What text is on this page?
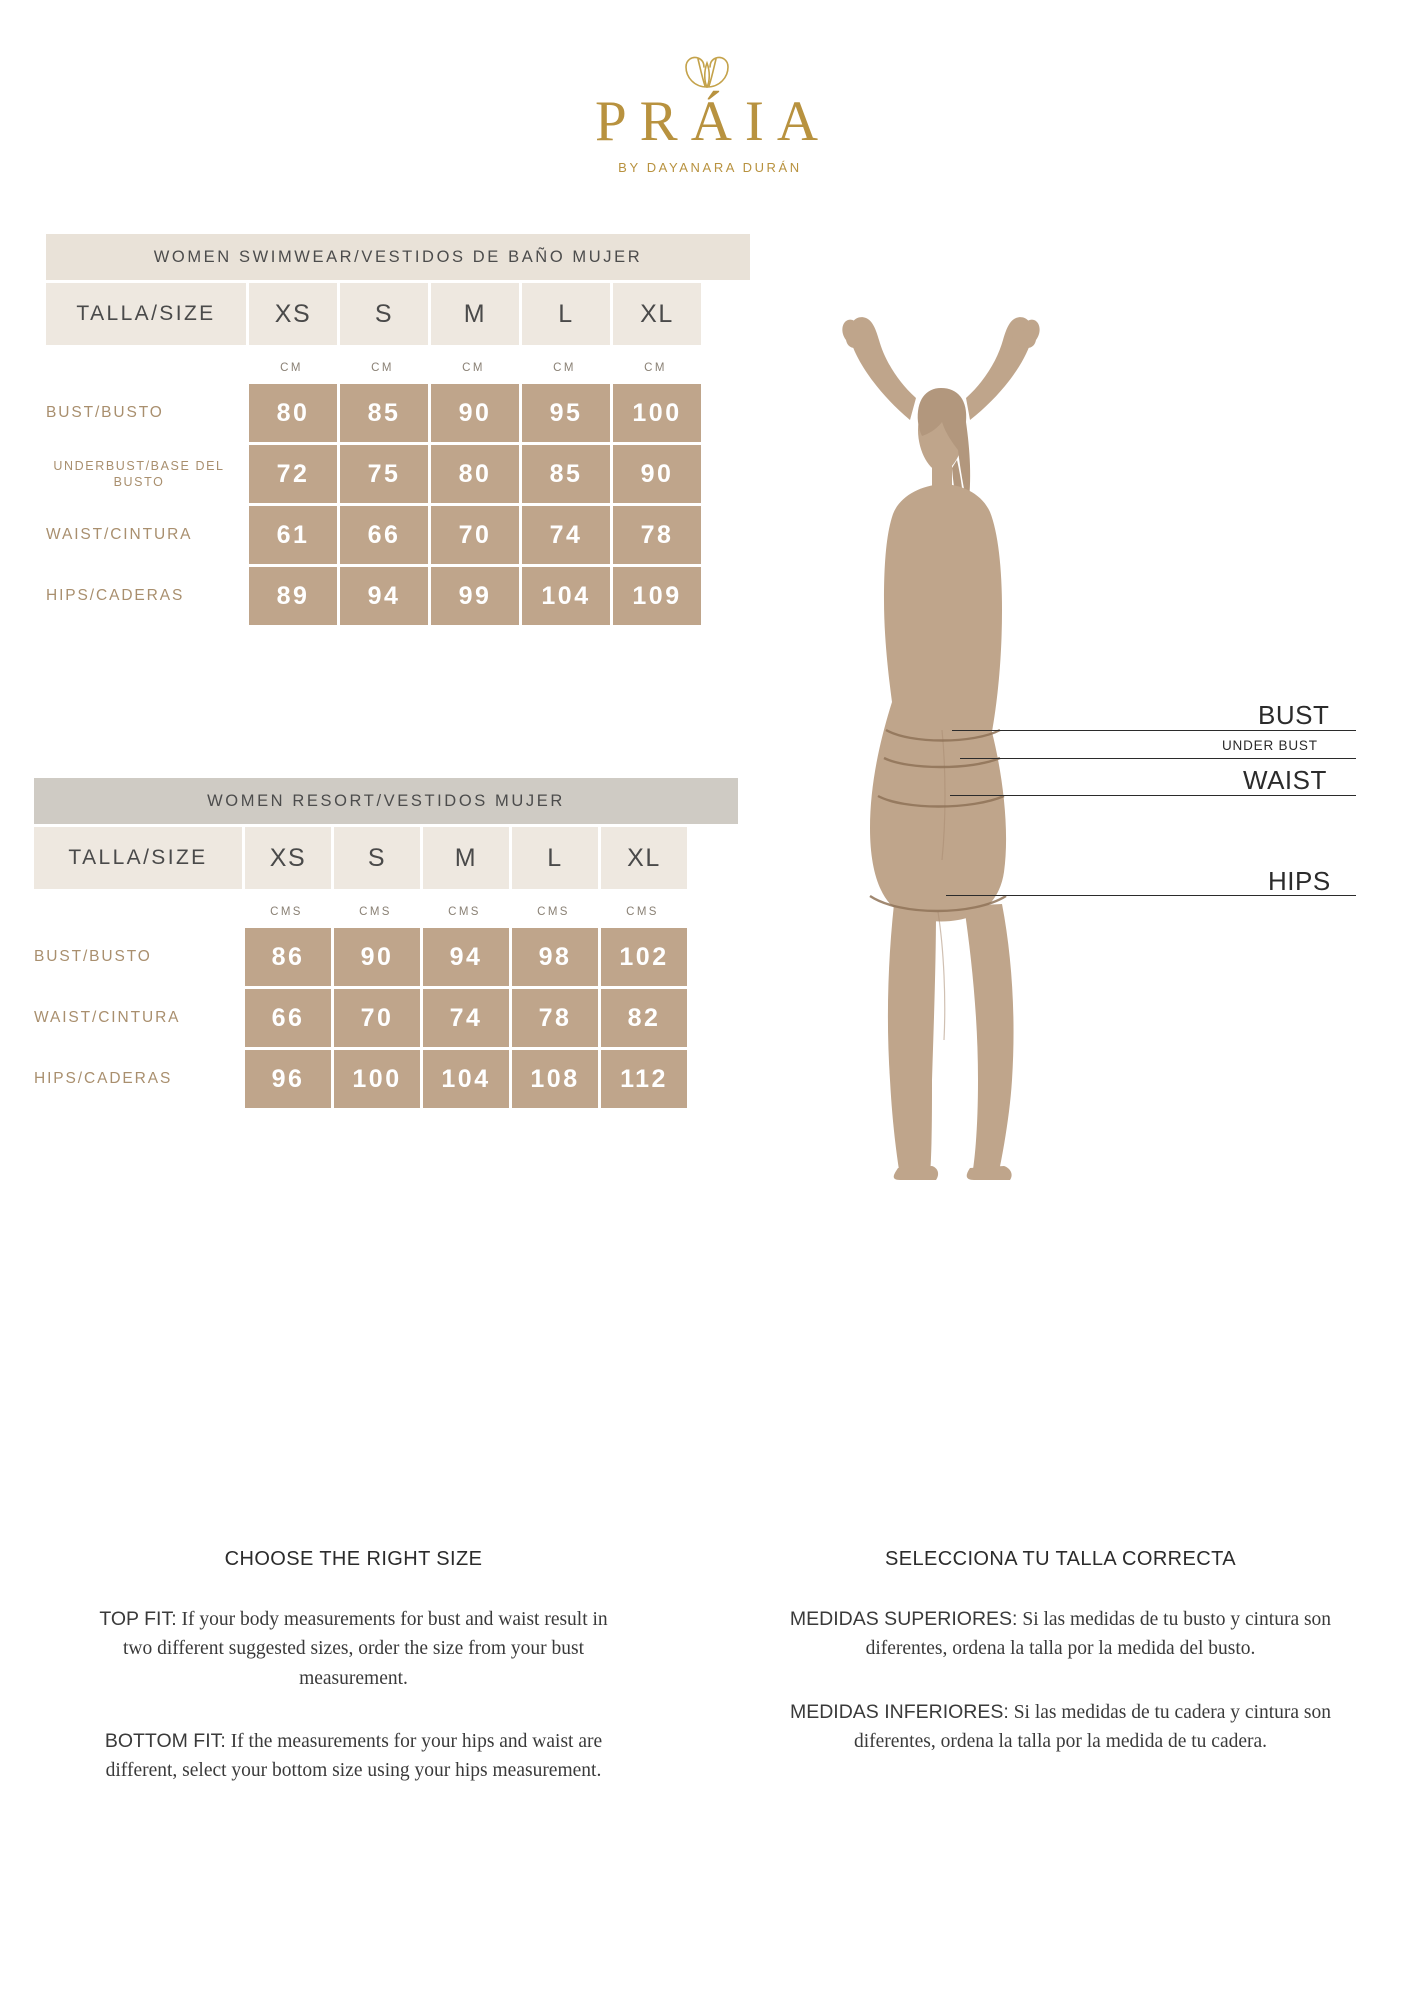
PRÁIA
BY DAYANARA DURÁN
WOMEN SWIMWEAR/VESTIDOS DE BAÑO MUJER
TALLA/SIZE	XS	S	M	L	XL
CM	CM	CM	CM	CM
BUST/BUSTO	80	85	90	95	100
UNDERBUST/BASE DEL BUSTO	72	75	80	85	90
WAIST/CINTURA	61	66	70	74	78
HIPS/CADERAS	89	94	99	104	109
WOMEN RESORT/VESTIDOS MUJER
TALLA/SIZE	XS	S	M	L	XL
CMS	CMS	CMS	CMS	CMS
BUST/BUSTO	86	90	94	98	102
WAIST/CINTURA	66	70	74	78	82
HIPS/CADERAS	96	100	104	108	112
BUST
UNDER BUST
WAIST
HIPS
CHOOSE THE RIGHT SIZE

TOP FIT: If your body measurements for bust and waist result in two different suggested sizes, order the size from your bust measurement.

BOTTOM FIT: If the measurements for your hips and waist are different, select your bottom size using your hips measurement.

SELECCIONA TU TALLA CORRECTA

MEDIDAS SUPERIORES: Si las medidas de tu busto y cintura son diferentes, ordena la talla por la medida del busto.

MEDIDAS INFERIORES: Si las medidas de tu cadera y cintura son diferentes, ordena la talla por la medida de tu cadera.
